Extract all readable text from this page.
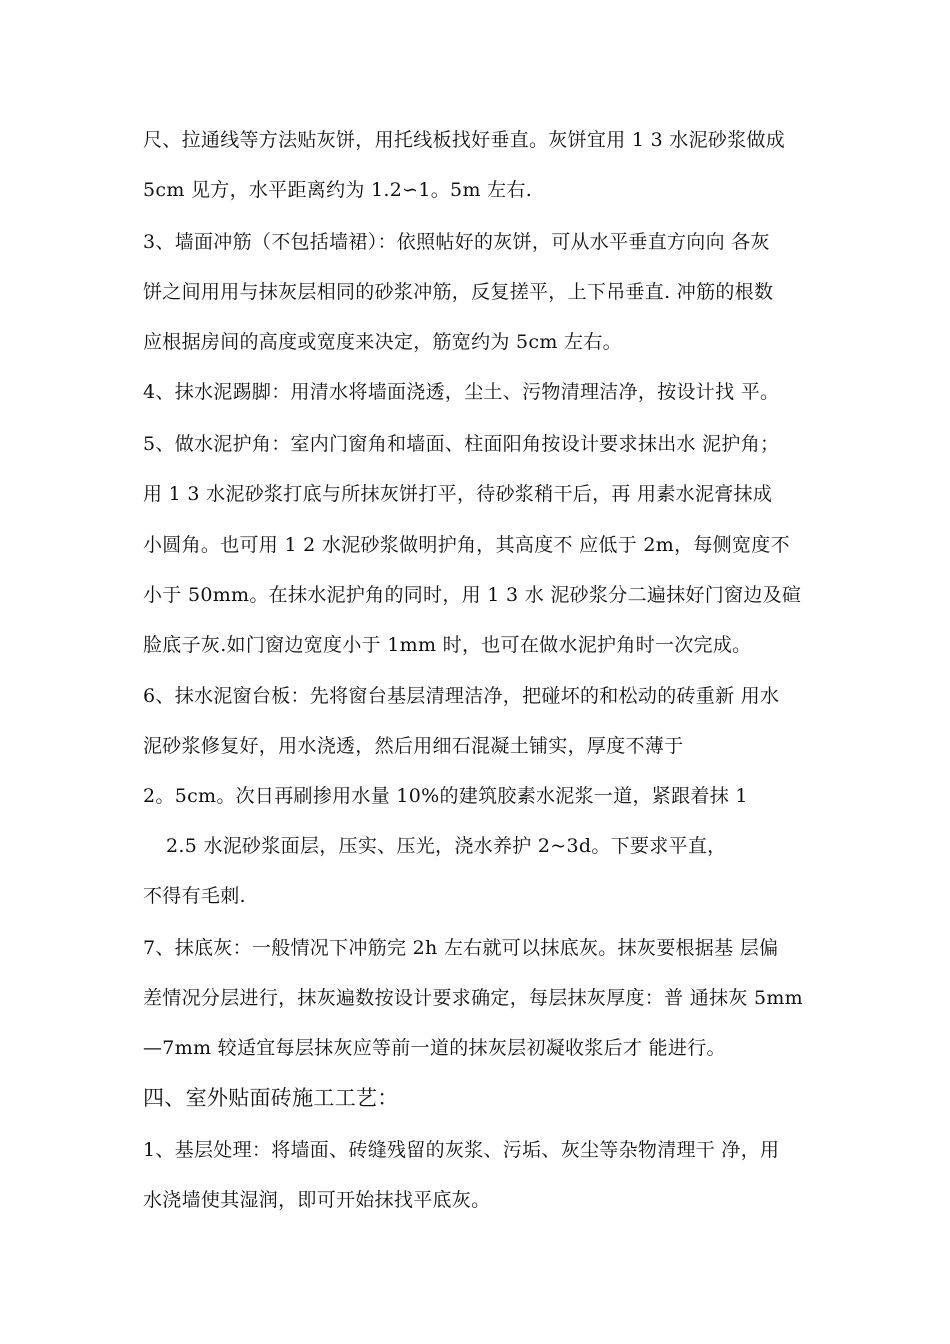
尺、拉通线等方法贴灰饼，用托线板找好垂直。灰饼宜用 1 3 水泥砂浆做成
5cm 见方，水平距离约为 1.2∽1。5m 左右.
3、墙面冲筋（不包括墙裙）：依照帖好的灰饼，可从水平垂直方向向 各灰
饼之间用用与抹灰层相同的砂浆冲筋，反复搓平，上下吊垂直. 冲筋的根数
应根据房间的高度或宽度来决定，筋宽约为 5cm 左右。
4、抹水泥踢脚：用清水将墙面浇透，尘土、污物清理洁净，按设计找 平。
5、做水泥护角：室内门窗角和墙面、柱面阳角按设计要求抹出水 泥护角；
用 1 3 水泥砂浆打底与所抹灰饼打平，待砂浆稍干后，再 用素水泥膏抹成
小圆角。也可用 1 2 水泥砂浆做明护角，其高度不 应低于 2m，每侧宽度不
小于 50mm。在抹水泥护角的同时，用 1 3 水 泥砂浆分二遍抹好门窗边及碹
脸底子灰.如门窗边宽度小于 1mm 时，也可在做水泥护角时一次完成。
6、抹水泥窗台板：先将窗台基层清理洁净，把碰坏的和松动的砖重新 用水
泥砂浆修复好，用水浇透，然后用细石混凝土铺实，厚度不薄于
2。5cm。次日再刷掺用水量 10%的建筑胶素水泥浆一道，紧跟着抹 1
2.5 水泥砂浆面层，压实、压光，浇水养护 2~3d。下要求平直，
不得有毛刺.
7、抹底灰：一般情况下冲筋完 2h 左右就可以抹底灰。抹灰要根据基 层偏
差情况分层进行，抹灰遍数按设计要求确定，每层抹灰厚度：普 通抹灰 5mm
—7mm 较适宜每层抹灰应等前一道的抹灰层初凝收浆后才 能进行。
四、室外贴面砖施工工艺：
1、基层处理：将墙面、砖缝残留的灰浆、污垢、灰尘等杂物清理干 净，用
水浇墙使其湿润，即可开始抹找平底灰。
